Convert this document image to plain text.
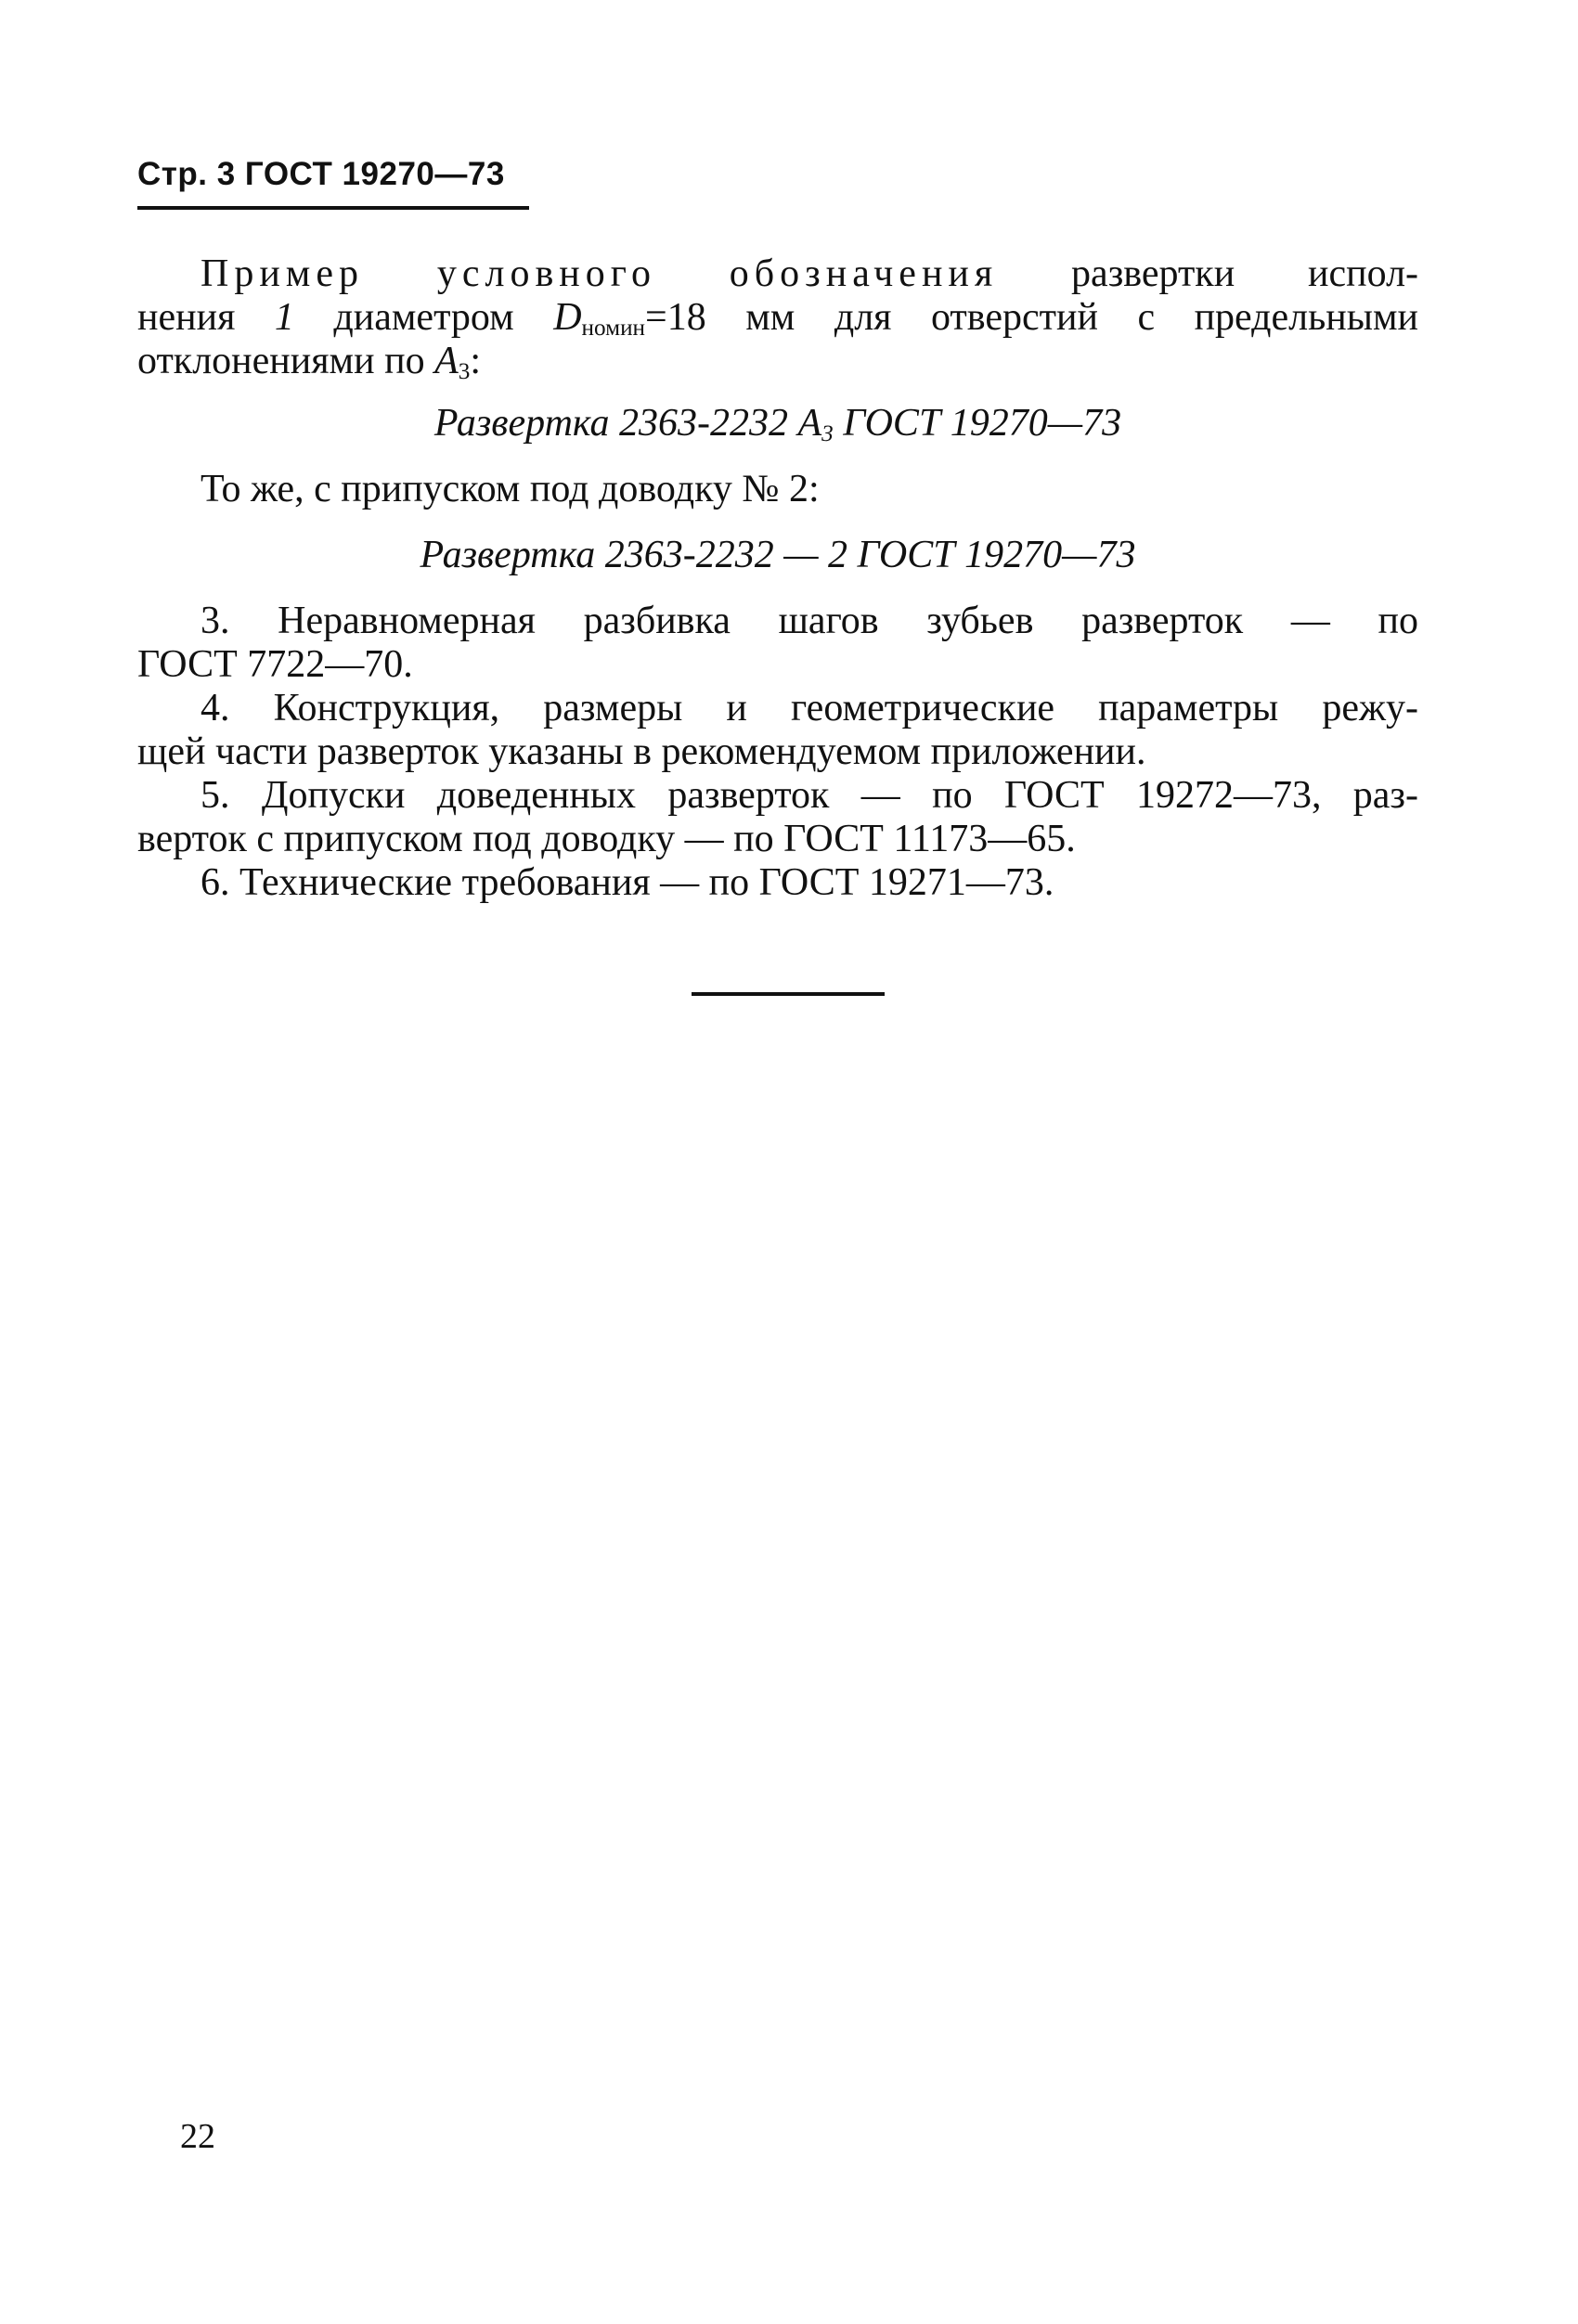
Стр. 3 ГОСТ 19270—73
Пример условного обозначения развертки испол-
нения 1 диаметром $D_{номин}=18$ мм для отверстий с предельными
отклонениями по $A_3$:
Развертка 2363-2232 $A_3$ ГОСТ 19270—73
То же, с припуском под доводку № 2:
Развертка 2363-2232 — 2 ГОСТ 19270—73
3. Неравномерная разбивка шагов зубьев разверток — по
ГОСТ 7722—70.
4. Конструкция, размеры и геометрические параметры режу-
щей части разверток указаны в рекомендуемом приложении.
5. Допуски доведенных разверток — по ГОСТ 19272—73, раз-
верток с припуском под доводку — по ГОСТ 11173—65.
6. Технические требования — по ГОСТ 19271—73.
22
